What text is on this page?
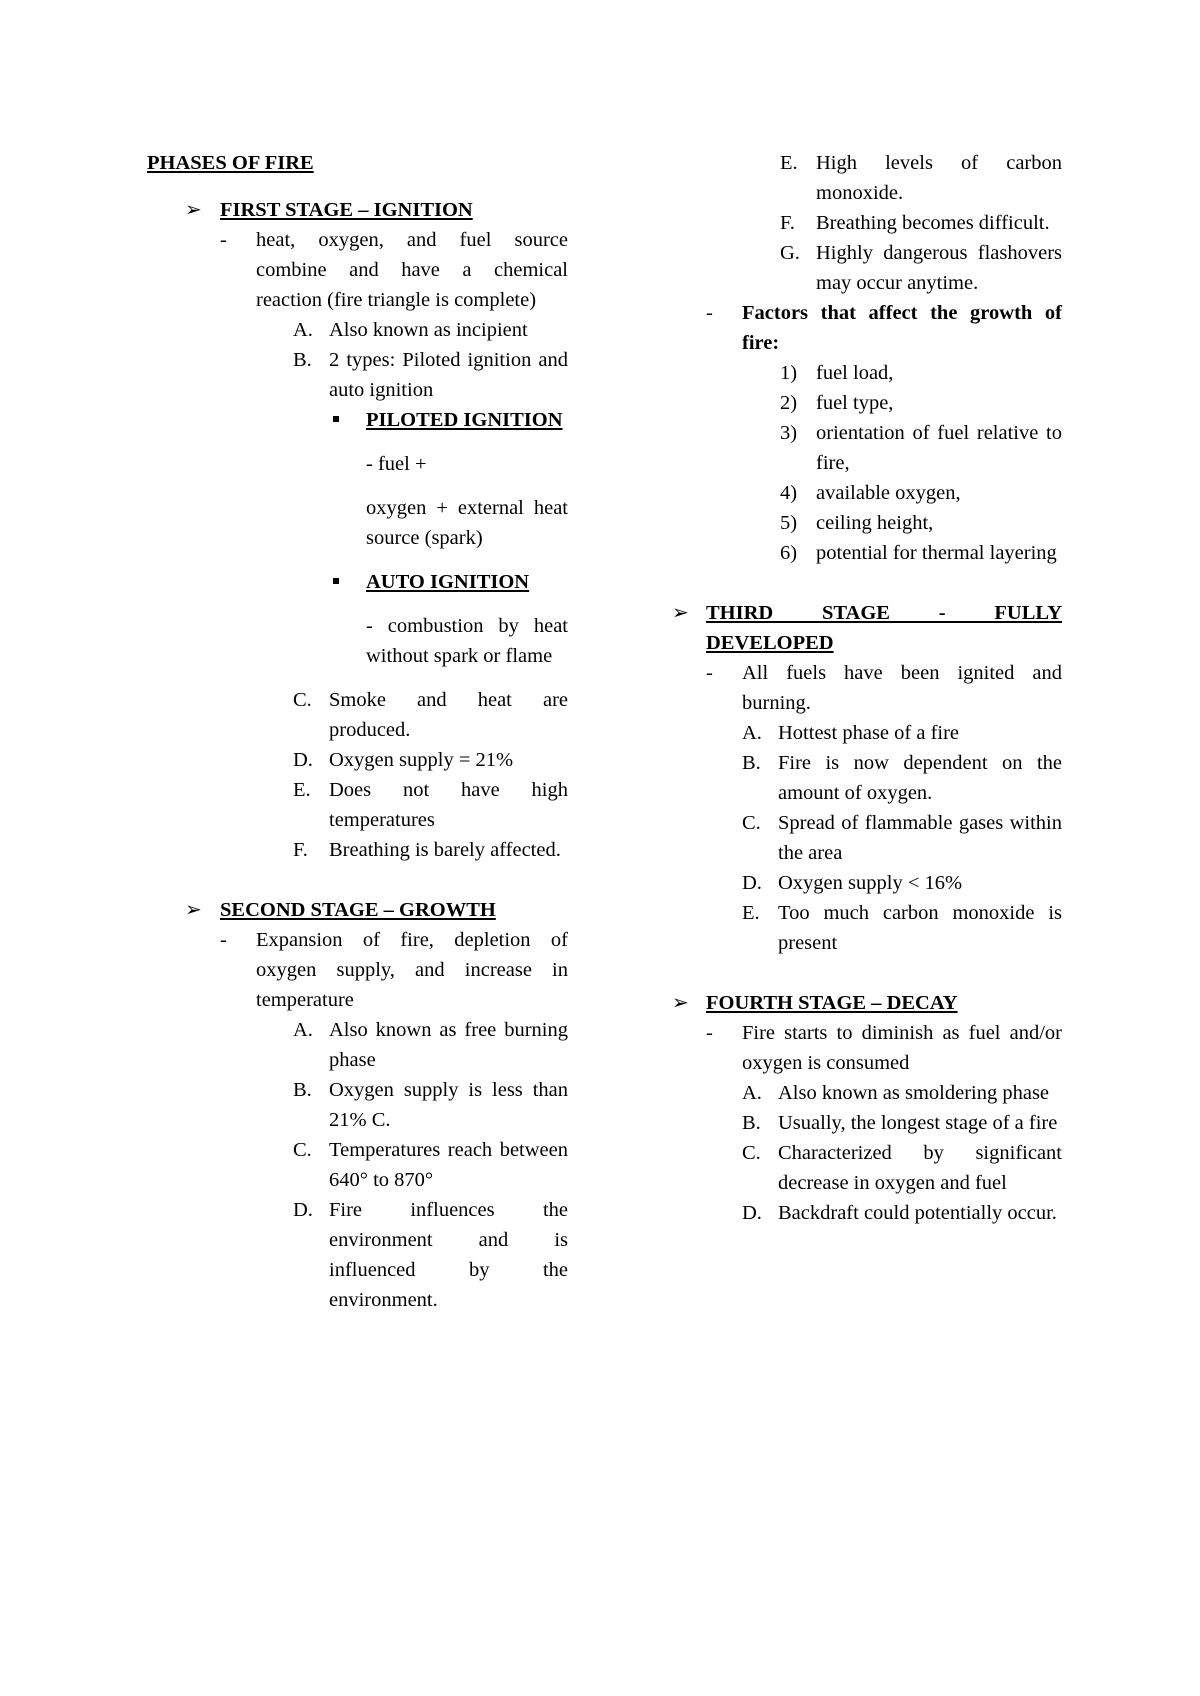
PHASES OF FIRE
➢ FIRST STAGE – IGNITION
- heat, oxygen, and fuel source combine and have a chemical reaction (fire triangle is complete)
A. Also known as incipient
B. 2 types: Piloted ignition and auto ignition
PILOTED IGNITION
- fuel +
oxygen + external heat source (spark)
AUTO IGNITION
- combustion by heat without spark or flame
C. Smoke and heat are produced.
D. Oxygen supply = 21%
E. Does not have high temperatures
F. Breathing is barely affected.
➢ SECOND STAGE – GROWTH
- Expansion of fire, depletion of oxygen supply, and increase in temperature
A. Also known as free burning phase
B. Oxygen supply is less than 21% C.
C. Temperatures reach between 640° to 870°
D. Fire influences the environment and is influenced by the environment.
E. High levels of carbon monoxide.
F. Breathing becomes difficult.
G. Highly dangerous flashovers may occur anytime.
- Factors that affect the growth of fire:
1) fuel load,
2) fuel type,
3) orientation of fuel relative to fire,
4) available oxygen,
5) ceiling height,
6) potential for thermal layering
➢ THIRD STAGE - FULLY DEVELOPED
- All fuels have been ignited and burning.
A. Hottest phase of a fire
B. Fire is now dependent on the amount of oxygen.
C. Spread of flammable gases within the area
D. Oxygen supply < 16%
E. Too much carbon monoxide is present
➢ FOURTH STAGE – DECAY
- Fire starts to diminish as fuel and/or oxygen is consumed
A. Also known as smoldering phase
B. Usually, the longest stage of a fire
C. Characterized by significant decrease in oxygen and fuel
D. Backdraft could potentially occur.
